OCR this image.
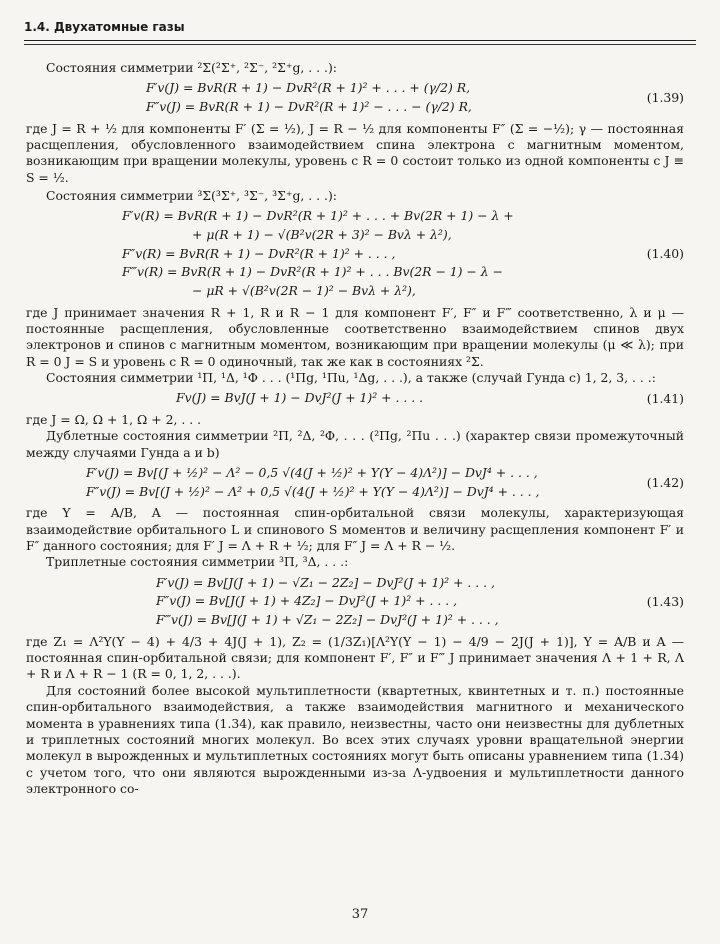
1.4. Двухатомные газы

Состояния симметрии ²Σ(²Σ⁺, ²Σ⁻, ²Σ⁺g, . . .):

F′v(J) = BvR(R + 1) − DvR²(R + 1)² + . . . + (γ/2) R,
F″v(J) = BvR(R + 1) − DvR²(R + 1)² − . . . − (γ/2) R,
(1.39)

где J = R + ½ для компоненты F′ (Σ = ½), J = R − ½ для компоненты F″ (Σ = −½); γ — постоянная расщепления, обусловленного взаимодействием спина электрона с магнитным моментом, возникающим при вращении молекулы, уровень с R = 0 состоит только из одной компоненты с J ≡ S = ½.

Состояния симметрии ³Σ(³Σ⁺, ³Σ⁻, ³Σ⁺g, . . .):

F′v(R) = BvR(R + 1) − DvR²(R + 1)² + . . . + Bv(2R + 1) − λ +
+ μ(R + 1) − √(B²v(2R + 3)² − Bvλ + λ²),
F″v(R) = BvR(R + 1) − DvR²(R + 1)² + . . . ,
F‴v(R) = BvR(R + 1) − DvR²(R + 1)² + . . . Bv(2R − 1) − λ −
− μR + √(B²v(2R − 1)² − Bvλ + λ²),
(1.40)

где J принимает значения R + 1, R и R − 1 для компонент F′, F″ и F‴ соответственно, λ и μ — постоянные расщепления, обусловленные соответственно взаимодействием спинов двух электронов и спинов с магнитным моментом, возникающим при вращении молекулы (μ ≪ λ); при R = 0 J = S и уровень с R = 0 одиночный, так же как в состояниях ²Σ.

Состояния симметрии ¹Π, ¹Δ, ¹Φ . . . (¹Πg, ¹Πu, ¹Δg, . . .), а также (случай Гунда c) 1, 2, 3, . . .:

Fv(J) = BvJ(J + 1) − DvJ²(J + 1)² + . . . .	(1.41)

где J = Ω, Ω + 1, Ω + 2, . . .

Дублетные состояния симметрии ²Π, ²Δ, ²Φ, . . . (²Πg, ²Πu . . .) (характер связи промежуточный между случаями Гунда a и b)

F′v(J) = Bv[(J + ½)² − Λ² − 0,5 √(4(J + ½)² + Y(Y − 4)Λ²)] − DvJ⁴ + . . . ,
F″v(J) = Bv[(J + ½)² − Λ² + 0,5 √(4(J + ½)² + Y(Y − 4)Λ²)] − DvJ⁴ + . . . ,
(1.42)

где Y = A/B, A — постоянная спин-орбитальной связи молекулы, характеризующая взаимодействие орбитального L и спинового S моментов и величину расщепления компонент F′ и F″ данного состояния; для F′ J = Λ + R + ½; для F″ J = Λ + R − ½.

Триплетные состояния симметрии ³Π, ³Δ, . . .:

F′v(J) = Bv[J(J + 1) − √Z₁ − 2Z₂] − DvJ²(J + 1)² + . . . ,
F″v(J) = Bv[J(J + 1) + 4Z₂] − DvJ²(J + 1)² + . . . ,
F‴v(J) = Bv[J(J + 1) + √Z₁ − 2Z₂] − DvJ²(J + 1)² + . . . ,
(1.43)

где Z₁ = Λ²Y(Y − 4) + 4/3 + 4J(J + 1), Z₂ = (1/3Z₁)[Λ²Y(Y − 1) − 4/9 − 2J(J + 1)], Y = A/B и A — постоянная спин-орбитальной связи; для компонент F′, F″ и F‴ J принимает значения Λ + 1 + R, Λ + R и Λ + R − 1 (R = 0, 1, 2, . . .).

Для состояний более высокой мультиплетности (квартетных, квинтетных и т. п.) постоянные спин-орбитального взаимодействия, а также взаимодействия магнитного и механического момента в уравнениях типа (1.34), как правило, неизвестны, часто они неизвестны для дублетных и триплетных состояний многих молекул. Во всех этих случаях уровни вращательной энергии молекул в вырожденных и мультиплетных состояниях могут быть описаны уравнением типа (1.34) с учетом того, что они являются вырожденными из-за Λ-удвоения и мультиплетности данного электронного со-

37
